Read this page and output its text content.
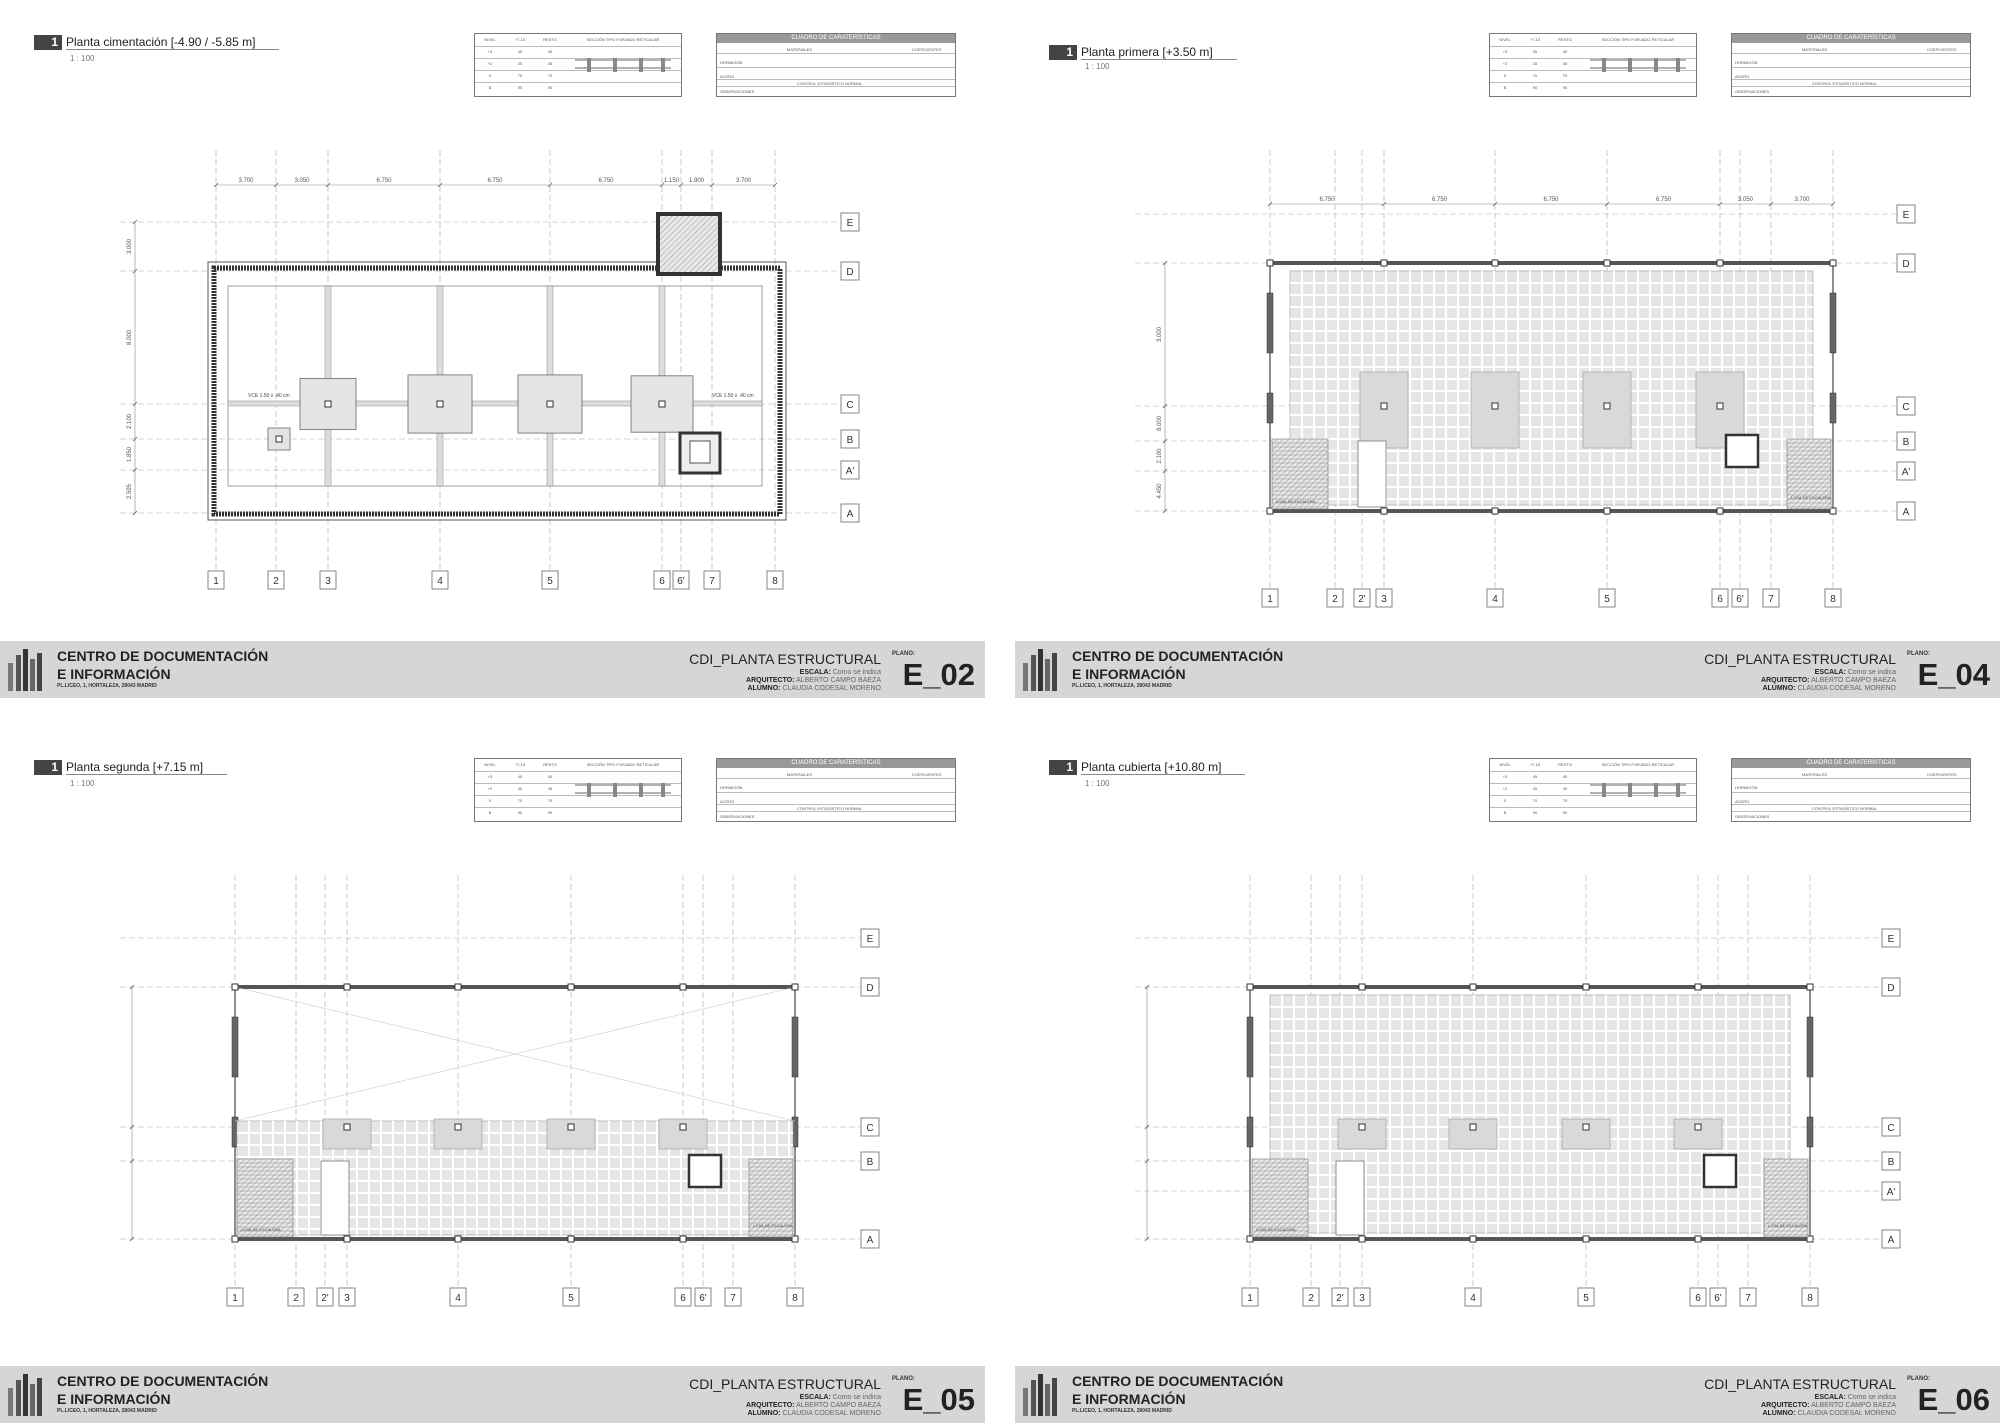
1 Planta cimentación [-4.90 / -5.85 m]
1 : 100
NIVEL	+7.15	RESTO	SECCIÓN TIPO FORJADO RETICULAR
+3	45	45
+2	45	45
0	70	70
B	90	90
CUADRO DE CARATERÍSTICAS
MATERIALES	COEFICIENTES
HORMIGÓN
ACERO
CONTROL ESTADÍSTICO NORMAL
OBSERVACIONES
1	2	3	4	5	6 6' 7	8
E
D
C
B
A'
A
3.700	3.050	6.750	6.750	6.750	1.150 1.900	3.700
3.000
8.000
2.100
1.850
2.595
VCE 1.50 x .40 cm	VCE 1.50 x .40 cm
CENTRO DE DOCUMENTACIÓN
E INFORMACIÓN
PL.LICEO, 1, HORTALEZA, 28043 MADRID
CDI_PLANTA ESTRUCTURAL
ESCALA: Como se indica
ARQUITECTO: ALBERTO CAMPO BAEZA
ALUMNO: CLAUDIA CODESAL MORENO
PLANO:
E_02
1 Planta primera [+3.50 m]
1 : 100
NIVEL	+7.15	RESTO	SECCIÓN TIPO FORJADO RETICULAR
+3	45	45
+2	45	45
0	70	70
B	90	90
CUADRO DE CARATERÍSTICAS
MATERIALES	COEFICIENTES
HORMIGÓN
ACERO
CONTROL ESTADÍSTICO NORMAL
OBSERVACIONES
1	2 2' 3	4	5	6 6' 7	8
E
D
C
B
A'
A
6.750	6.750	6.750	6.750	3.050	3.700
3.000
8.000
2.100
4.450
LOSA DE ESCALERA
LOSA DE ESCALERA
CENTRO DE DOCUMENTACIÓN
E INFORMACIÓN
PL.LICEO, 1, HORTALEZA, 28043 MADRID
CDI_PLANTA ESTRUCTURAL
ESCALA: Como se indica
ARQUITECTO: ALBERTO CAMPO BAEZA
ALUMNO: CLAUDIA CODESAL MORENO
PLANO:
E_04
1 Planta segunda [+7.15 m]
1 : 100
NIVEL	+7.15	RESTO	SECCIÓN TIPO FORJADO RETICULAR
+3	45	45
+2	45	45
0	70	70
B	90	90
CUADRO DE CARATERÍSTICAS
MATERIALES	COEFICIENTES
HORMIGÓN
ACERO
CONTROL ESTADÍSTICO NORMAL
OBSERVACIONES
1	2 2' 3	4	5	6 6' 7	8
E
D
C
B
A
LOSA DE ESCALERA
LOSA DE ESCALERA
CENTRO DE DOCUMENTACIÓN
E INFORMACIÓN
PL.LICEO, 1, HORTALEZA, 28043 MADRID
CDI_PLANTA ESTRUCTURAL
ESCALA: Como se indica
ARQUITECTO: ALBERTO CAMPO BAEZA
ALUMNO: CLAUDIA CODESAL MORENO
PLANO:
E_05
1 Planta cubierta [+10.80 m]
1 : 100
NIVEL	+7.15	RESTO	SECCIÓN TIPO FORJADO RETICULAR
+3	45	45
+2	45	45
0	70	70
B	90	90
CUADRO DE CARATERÍSTICAS
MATERIALES	COEFICIENTES
HORMIGÓN
ACERO
CONTROL ESTADÍSTICO NORMAL
OBSERVACIONES
1	2 2' 3	4	5	6 6' 7	8
E
D
C
B
A'
A
LOSA DE ESCALERA
LOSA DE ESCALERA
CENTRO DE DOCUMENTACIÓN
E INFORMACIÓN
PL.LICEO, 1, HORTALEZA, 28043 MADRID
CDI_PLANTA ESTRUCTURAL
ESCALA: Como se indica
ARQUITECTO: ALBERTO CAMPO BAEZA
ALUMNO: CLAUDIA CODESAL MORENO
PLANO:
E_06
